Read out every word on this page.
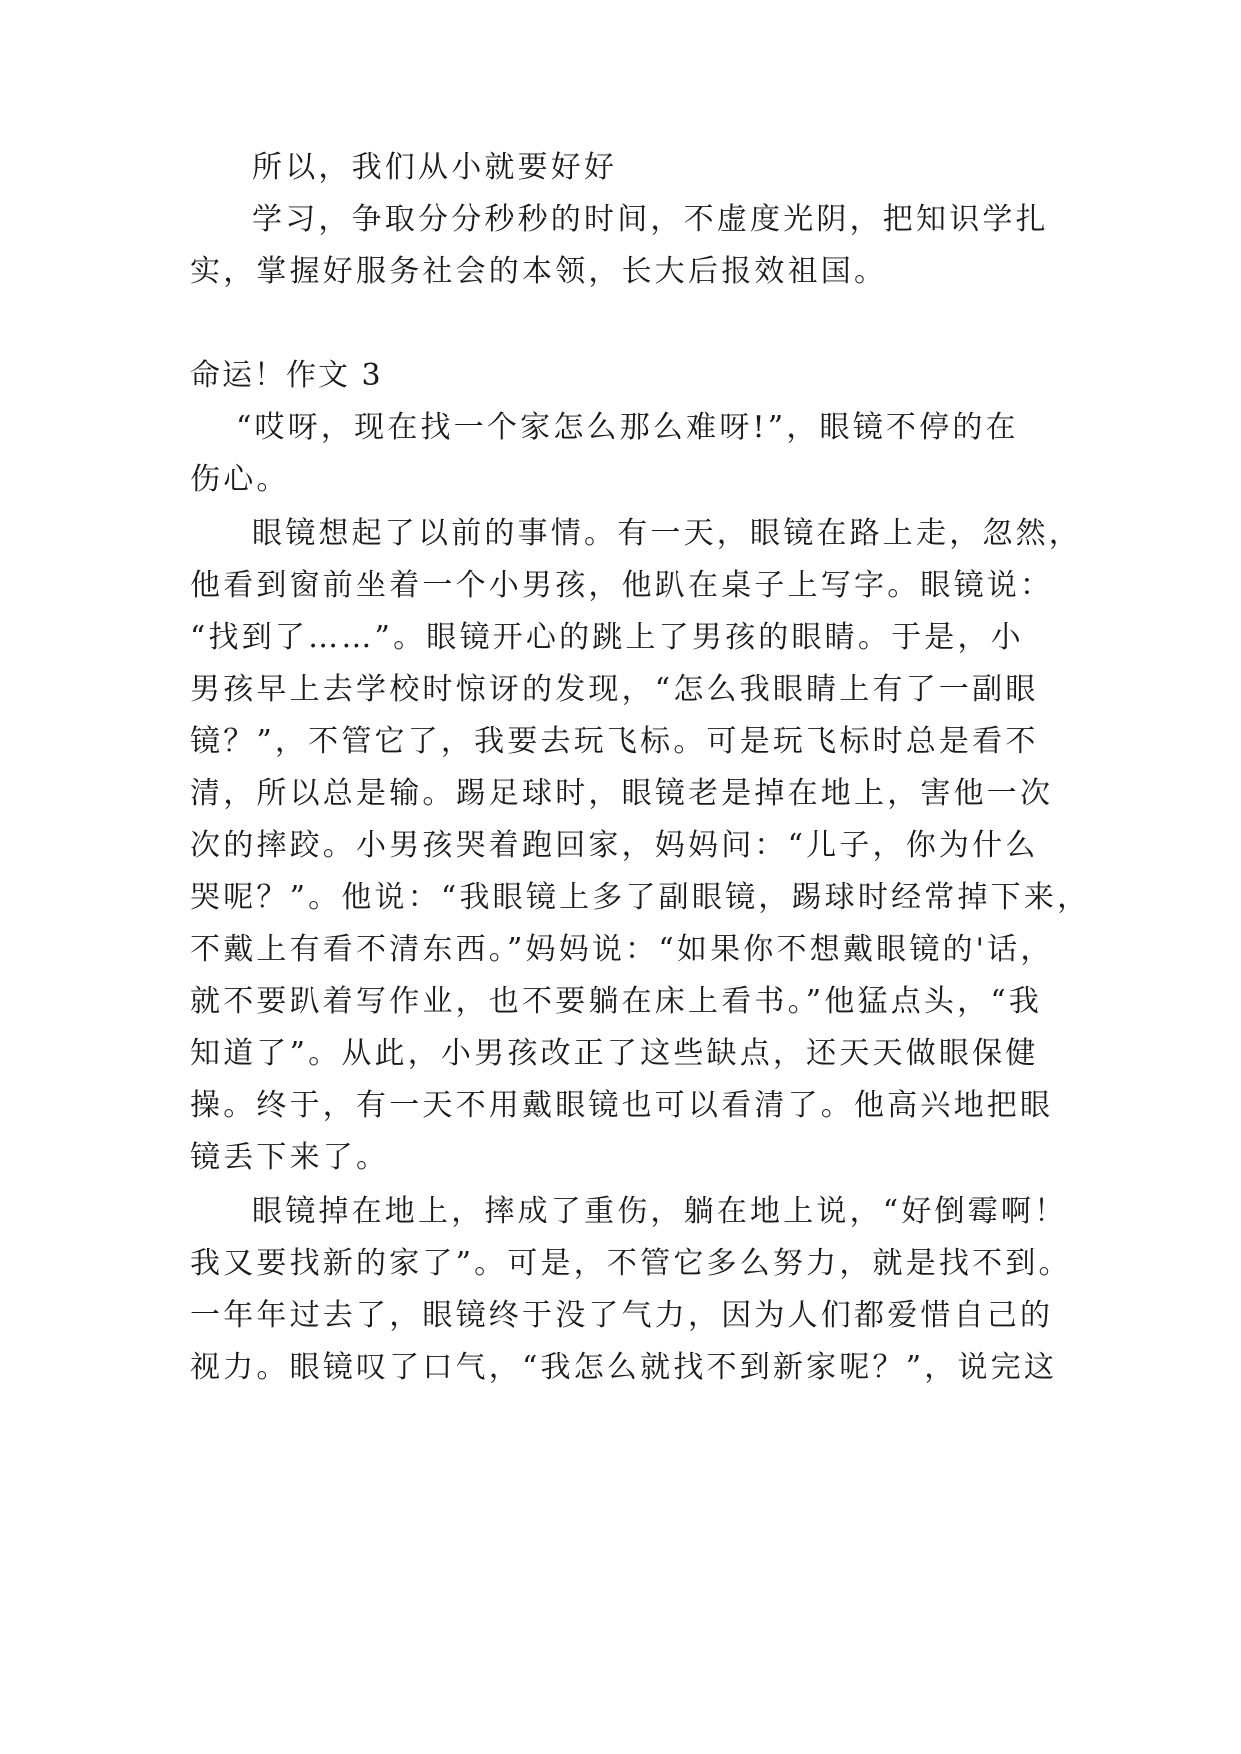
所以，我们从小就要好好
学习，争取分分秒秒的时间，不虚度光阴，把知识学扎
实，掌握好服务社会的本领，长大后报效祖国。
命运！作文 3
“哎呀，现在找一个家怎么那么难呀!”，眼镜不停的在
伤心。
眼镜想起了以前的事情。有一天，眼镜在路上走，忽然，
他看到窗前坐着一个小男孩，他趴在桌子上写字。眼镜说：
“找到了……”。眼镜开心的跳上了男孩的眼睛。于是，小
男孩早上去学校时惊讶的发现，“怎么我眼睛上有了一副眼
镜？”，不管它了，我要去玩飞标。可是玩飞标时总是看不
清，所以总是输。踢足球时，眼镜老是掉在地上，害他一次
次的摔跤。小男孩哭着跑回家，妈妈问：“儿子，你为什么
哭呢？”。他说：“我眼镜上多了副眼镜，踢球时经常掉下来，
不戴上有看不清东西。”妈妈说：“如果你不想戴眼镜的'话，
就不要趴着写作业，也不要躺在床上看书。”他猛点头，“我
知道了”。从此，小男孩改正了这些缺点，还天天做眼保健
操。终于，有一天不用戴眼镜也可以看清了。他高兴地把眼
镜丢下来了。
眼镜掉在地上，摔成了重伤，躺在地上说，“好倒霉啊！
我又要找新的家了”。可是，不管它多么努力，就是找不到。
一年年过去了，眼镜终于没了气力，因为人们都爱惜自己的
视力。眼镜叹了口气，“我怎么就找不到新家呢？”，说完这
